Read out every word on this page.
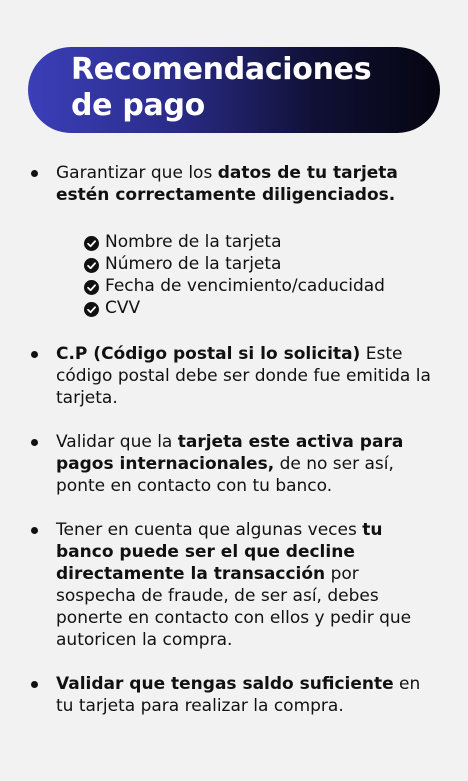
Recomendaciones
de pago
Garantizar que los datos de tu tarjeta estén correctamente diligenciados.
Nombre de la tarjeta
Número de la tarjeta
Fecha de vencimiento/caducidad
CVV
C.P (Código postal si lo solicita) Este código postal debe ser donde fue emitida la tarjeta.
Validar que la tarjeta este activa para pagos internacionales, de no ser así, ponte en contacto con tu banco.
Tener en cuenta que algunas veces tu banco puede ser el que decline directamente la transacción por sospecha de fraude, de ser así, debes ponerte en contacto con ellos y pedir que autoricen la compra.
Validar que tengas saldo suficiente en tu tarjeta para realizar la compra.
